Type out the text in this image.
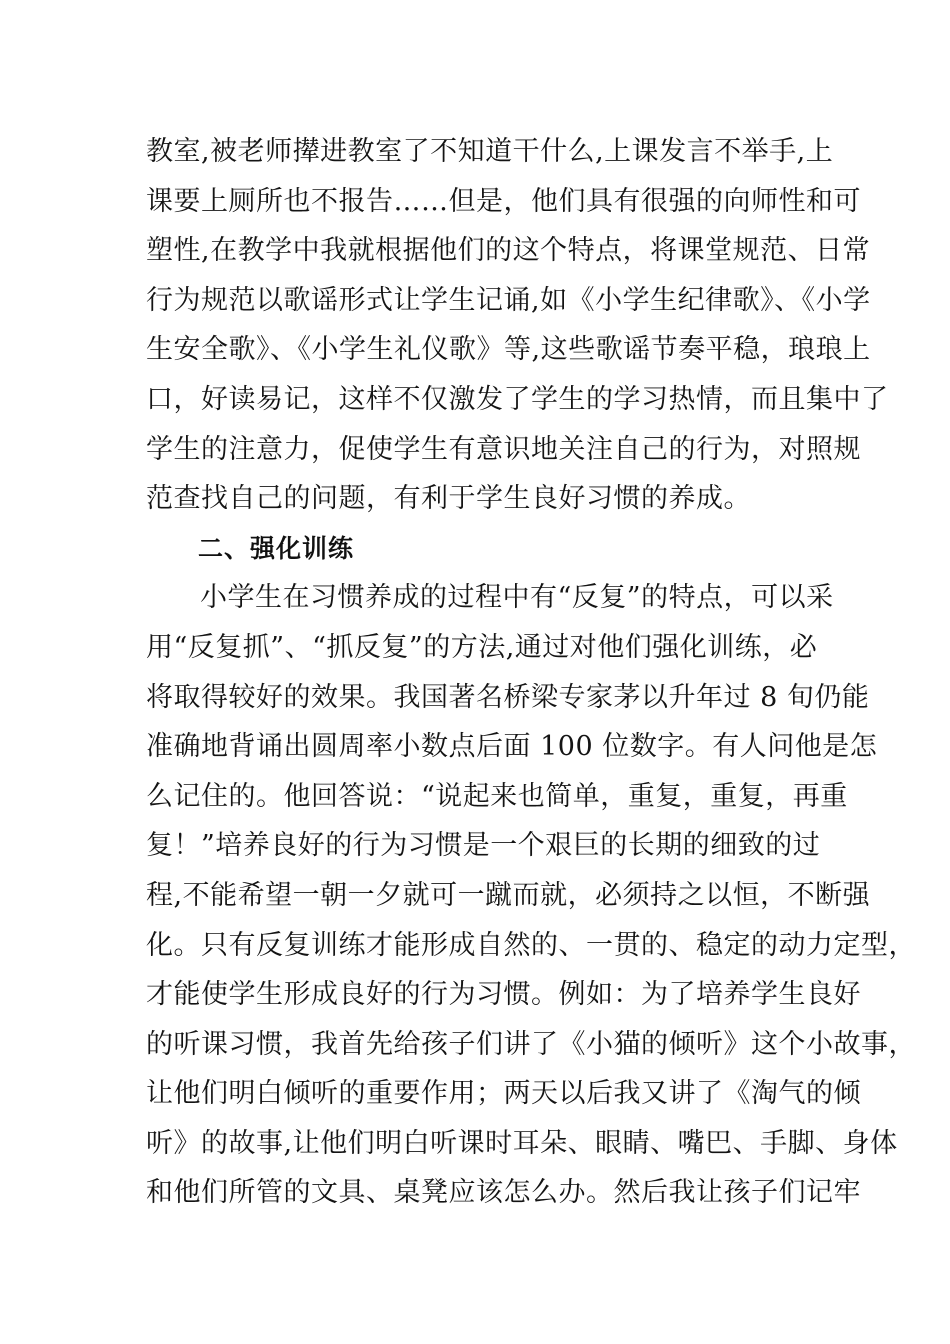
教室,被老师撵进教室了不知道干什么,上课发言不举手,上
课要上厕所也不报告……但是，他们具有很强的向师性和可
塑性,在教学中我就根据他们的这个特点，将课堂规范、日常
行为规范以歌谣形式让学生记诵,如《小学生纪律歌》、《小学
生安全歌》、《小学生礼仪歌》等,这些歌谣节奏平稳，琅琅上
口，好读易记，这样不仅激发了学生的学习热情，而且集中了
学生的注意力，促使学生有意识地关注自己的行为，对照规
范查找自己的问题，有利于学生良好习惯的养成。
二、强化训练
小学生在习惯养成的过程中有“反复”的特点，可以采
用“反复抓”、“抓反复”的方法,通过对他们强化训练，必
将取得较好的效果。我国著名桥梁专家茅以升年过 8 旬仍能
准确地背诵出圆周率小数点后面 100 位数字。有人问他是怎
么记住的。他回答说：“说起来也简单，重复，重复，再重
复！”培养良好的行为习惯是一个艰巨的长期的细致的过
程,不能希望一朝一夕就可一蹴而就，必须持之以恒，不断强
化。只有反复训练才能形成自然的、一贯的、稳定的动力定型，
才能使学生形成良好的行为习惯。例如：为了培养学生良好
的听课习惯，我首先给孩子们讲了《小猫的倾听》这个小故事，
让他们明白倾听的重要作用；两天以后我又讲了《淘气的倾
听》的故事,让他们明白听课时耳朵、眼睛、嘴巴、手脚、身体
和他们所管的文具、桌凳应该怎么办。然后我让孩子们记牢
